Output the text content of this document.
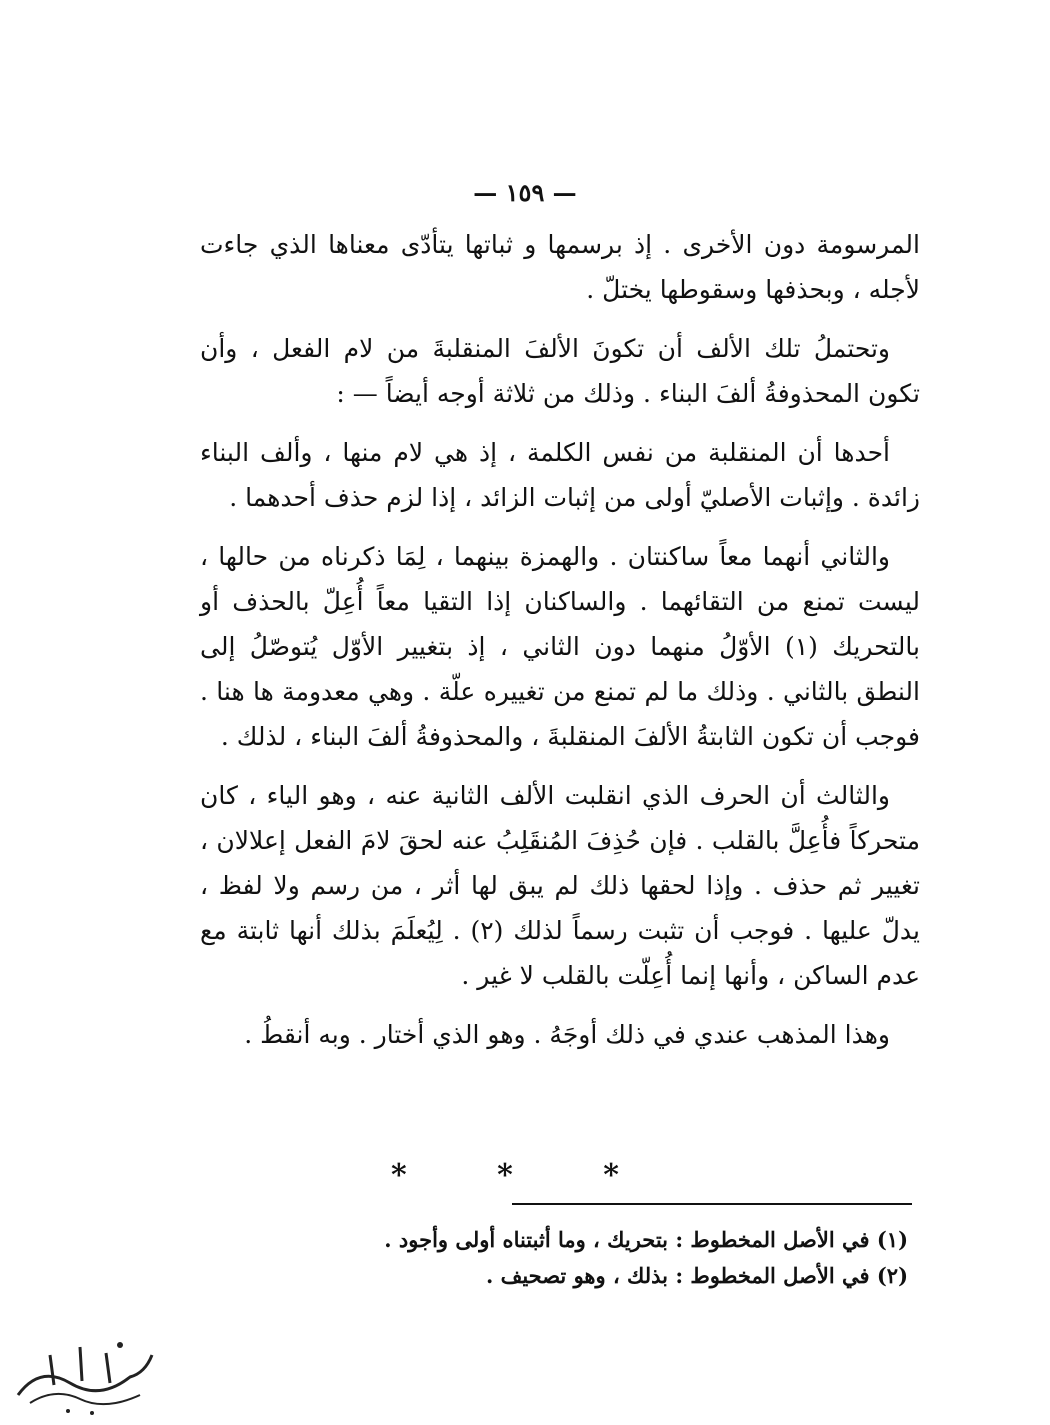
— ١٥٩ —

المرسومة دون الأخرى . إذ برسمها و ثباتها يتأدّى معناها الذي جاءت لأجله ، وبحذفها وسقوطها يختلّ .

وتحتملُ تلك الألف أن تكونَ الألفَ المنقلبةَ من لام الفعل ، وأن تكون المحذوفةُ ألفَ البناء . وذلك من ثلاثة أوجه أيضاً — :

أحدها أن المنقلبة من نفس الكلمة ، إذ هي لام منها ، وألف البناء زائدة . وإثبات الأصليّ أولى من إثبات الزائد ، إذا لزم حذف أحدهما .

والثاني أنهما معاً ساكنتان . والهمزة بينهما ، لِمَا ذكرناه من حالها ، ليست تمنع من التقائهما . والساكنان إذا التقيا معاً أُعِلّ بالحذف أو بالتحريك (١) الأوّلُ منهما دون الثاني ، إذ بتغيير الأوّل يُتوصّلُ إلى النطق بالثاني . وذلك ما لم تمنع من تغييره علّة . وهي معدومة ها هنا . فوجب أن تكون الثابتةُ الألفَ المنقلبةَ ، والمحذوفةُ ألفَ البناء ، لذلك .

والثالث أن الحرف الذي انقلبت الألف الثانية عنه ، وهو الياء ، كان متحركاً فأُعِلَّ بالقلب . فإن حُذِفَ المُنقَلِبُ عنه لحقَ لامَ الفعل إعلالان ، تغيير ثم حذف . وإذا لحقها ذلك لم يبق لها أثر ، من رسم ولا لفظ ، يدلّ عليها . فوجب أن تثبت رسماً لذلك (٢) . لِيُعلَمَ بذلك أنها ثابتة مع عدم الساكن ، وأنها إنما أُعِلّت بالقلب لا غير .

وهذا المذهب عندي في ذلك أوجَهُ . وهو الذي أختار . وبه أنقطُ .

* * *

(١) في الأصل المخطوط : بتحريك ، وما أثبتناه أولى وأجود .

(٢) في الأصل المخطوط : بذلك ، وهو تصحيف .
